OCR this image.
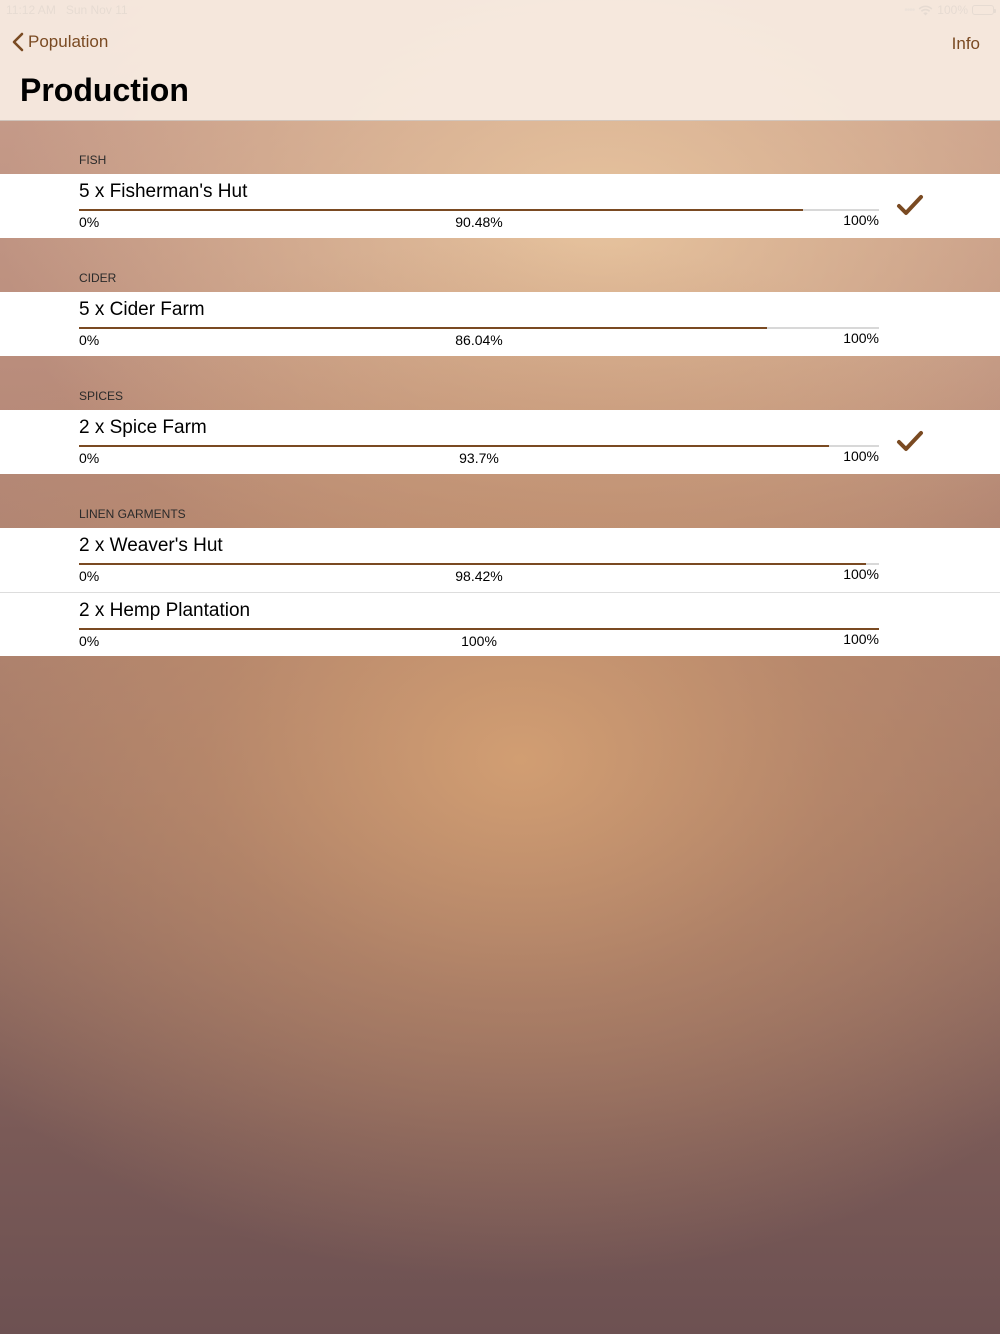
Population	Info
Production
FISH
5 x Fisherman's Hut
0%	90.48%	100%
CIDER
5 x Cider Farm
0%	86.04%	100%
SPICES
2 x Spice Farm
0%	93.7%	100%
LINEN GARMENTS
2 x Weaver's Hut
0%	98.42%	100%
2 x Hemp Plantation
0%	100%	100%
